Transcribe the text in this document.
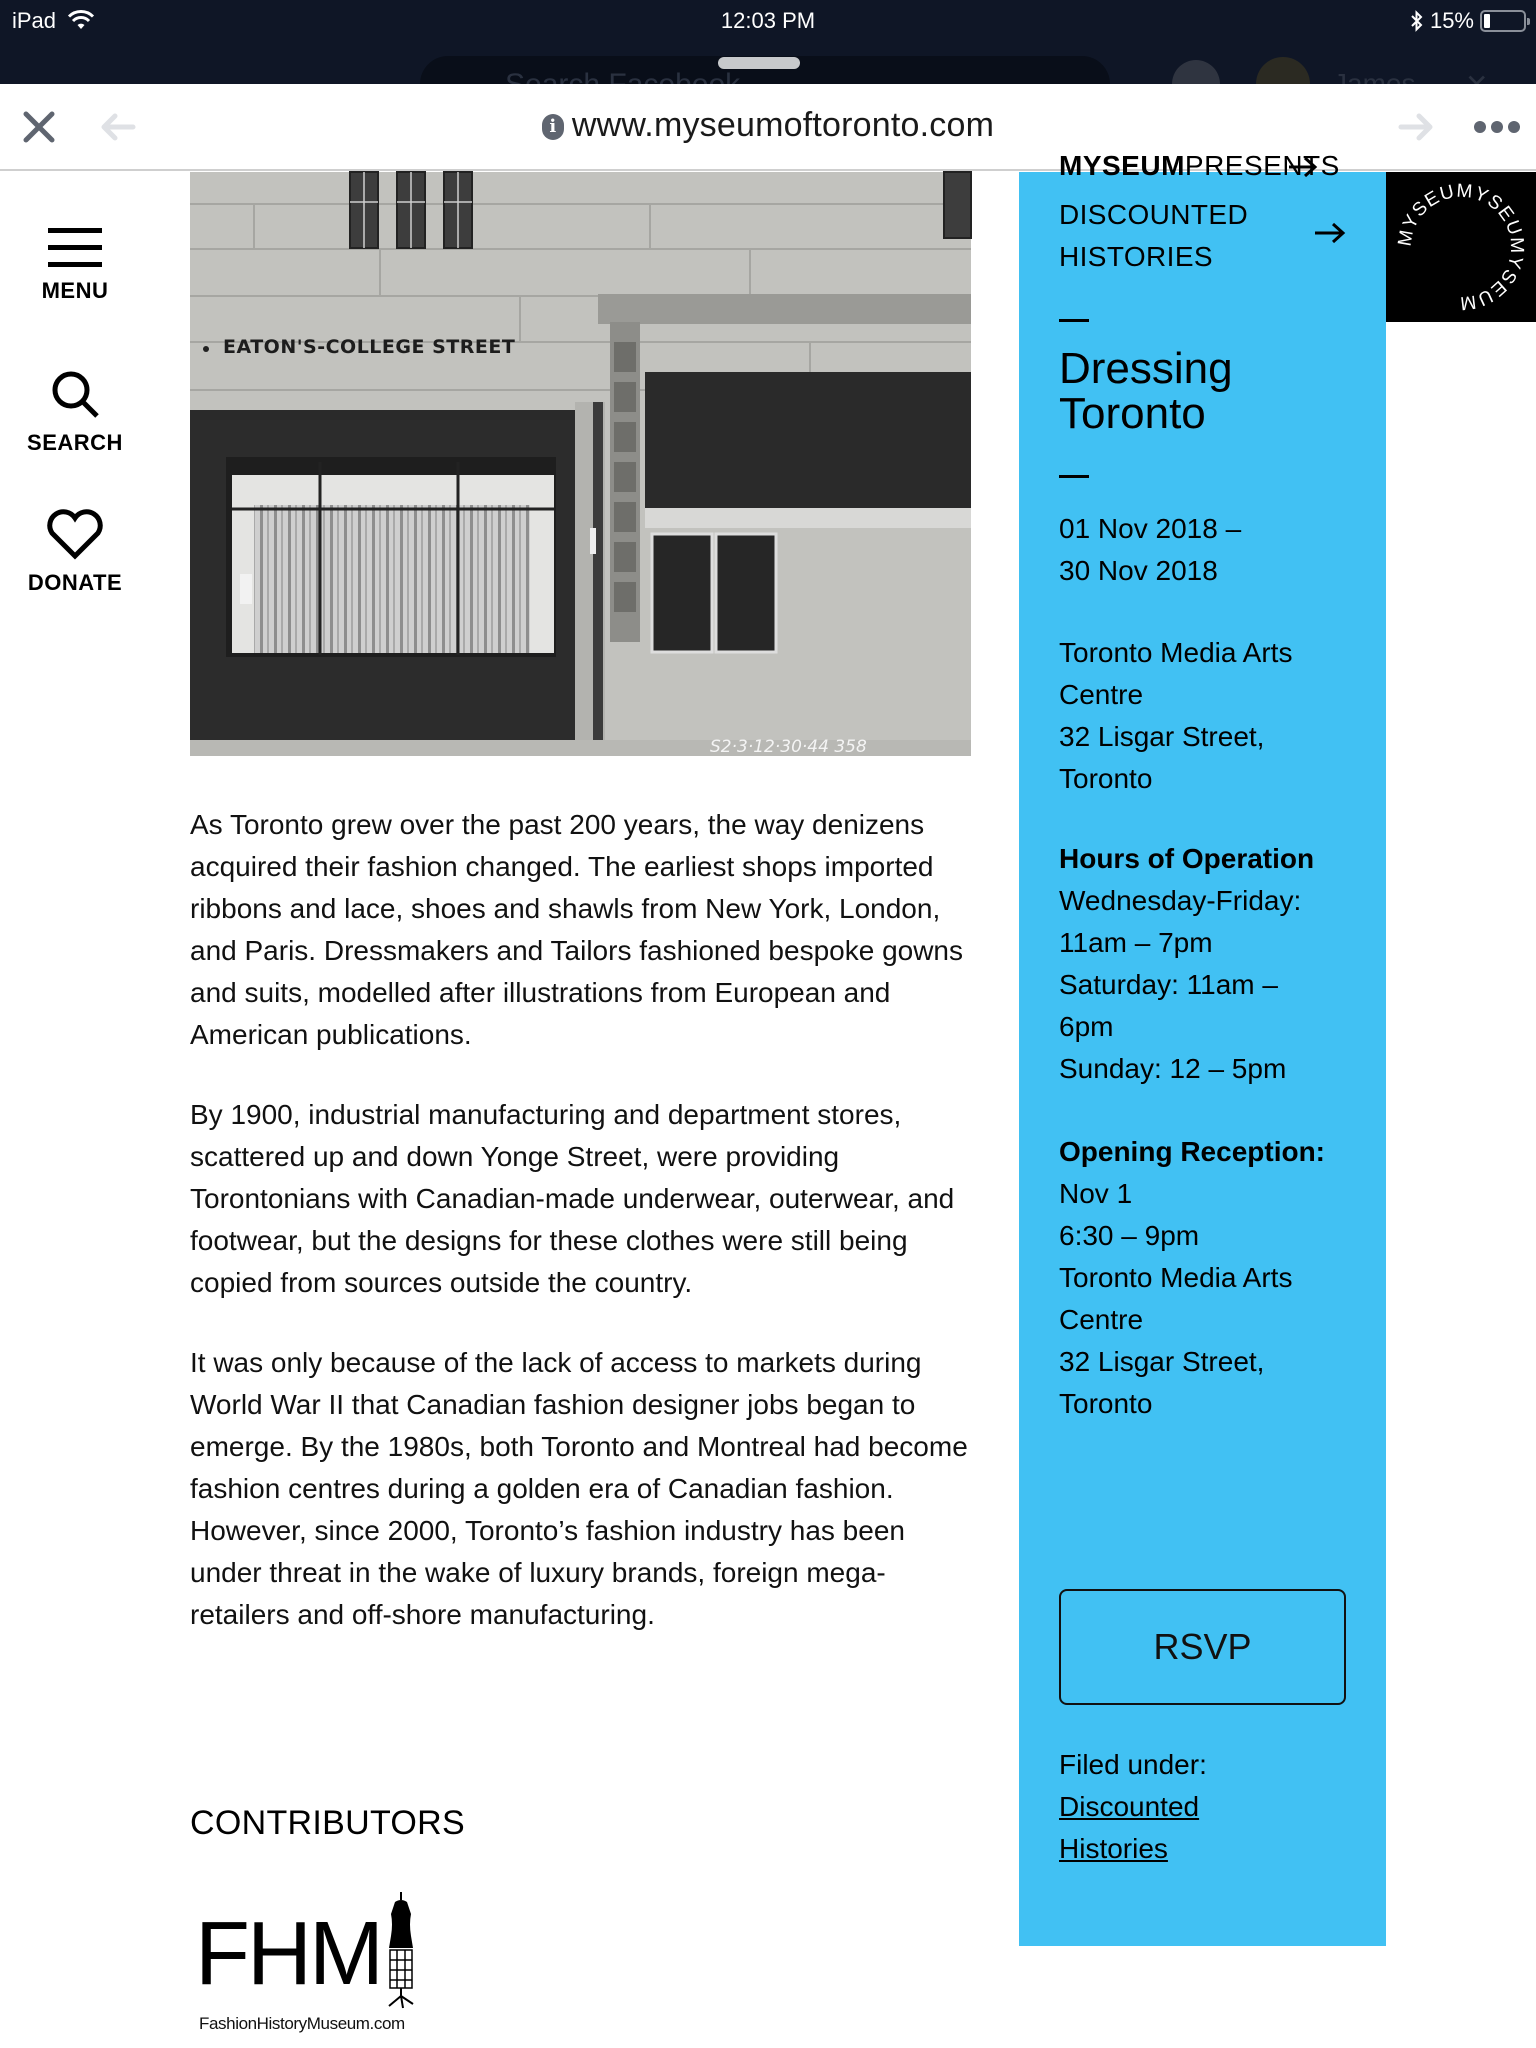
iPad	12:03 PM	15%
i www.myseumoftoronto.com
MENU
SEARCH
DONATE
EATON'S-COLLEGE STREET
S2·3·12·30·44 358

As Toronto grew over the past 200 years, the way denizens acquired their fashion changed. The earliest shops imported ribbons and lace, shoes and shawls from New York, London, and Paris. Dressmakers and Tailors fashioned bespoke gowns and suits, modelled after illustrations from European and American publications.

By 1900, industrial manufacturing and department stores, scattered up and down Yonge Street, were providing Torontonians with Canadian-made underwear, outerwear, and footwear, but the designs for these clothes were still being copied from sources outside the country.

It was only because of the lack of access to markets during World War II that Canadian fashion designer jobs began to emerge. By the 1980s, both Toronto and Montreal had become fashion centres during a golden era of Canadian fashion. However, since 2000, Toronto’s fashion industry has been under threat in the wake of luxury brands, foreign mega-retailers and off-shore manufacturing.

CONTRIBUTORS
FHM
FashionHistoryMuseum.com
MYSEUMPRESENTS
DISCOUNTED
HISTORIES
Dressing
Toronto
01 Nov 2018 –
30 Nov 2018
Toronto Media Arts
Centre
32 Lisgar Street,
Toronto
Hours of Operation
Wednesday-Friday:
11am – 7pm
Saturday: 11am –
6pm
Sunday: 12 – 5pm
Opening Reception:
Nov 1
6:30 – 9pm
Toronto Media Arts
Centre
32 Lisgar Street,
Toronto
RSVP
Filed under:
Discounted
Histories
MYSEUMYSEUMYSEUM
